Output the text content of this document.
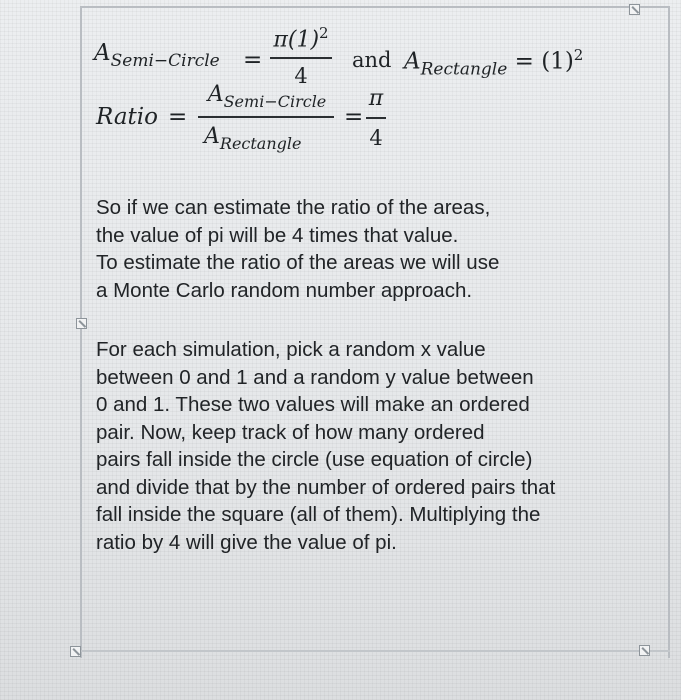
$A_{Semi-Circle}$ =
$\pi(1)^2$
4
and $A_{Rectangle} = (1)^2$
Ratio =
$A_{Semi-Circle}$
$A_{Rectangle}$
=
π
4
So if we can estimate the ratio of the areas,
the value of pi will be 4 times that value.
To estimate the ratio of the areas we will use
a Monte Carlo random number approach.
For each simulation, pick a random x value
between 0 and 1 and a random y value between
0 and 1. These two values will make an ordered
pair. Now, keep track of how many ordered
pairs fall inside the circle (use equation of circle)
and divide that by the number of ordered pairs that
fall inside the square (all of them). Multiplying the
ratio by 4 will give the value of pi.
